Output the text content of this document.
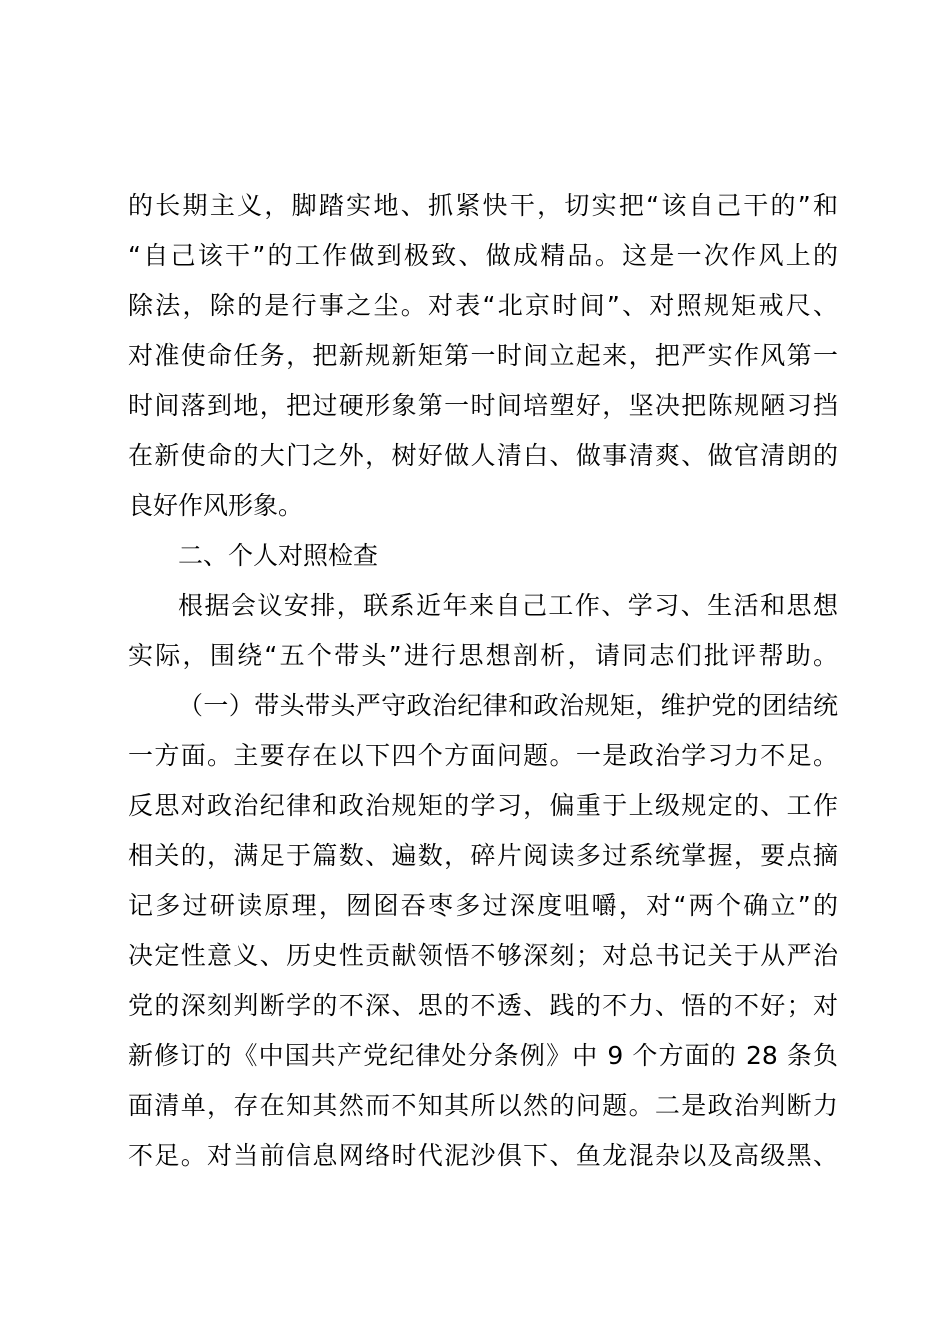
的长期主义，脚踏实地、抓紧快干，切实把“该自己干的”和
“自己该干”的工作做到极致、做成精品。这是一次作风上的
除法，除的是行事之尘。对表“北京时间”、对照规矩戒尺、
对准使命任务，把新规新矩第一时间立起来，把严实作风第一
时间落到地，把过硬形象第一时间培塑好，坚决把陈规陋习挡
在新使命的大门之外，树好做人清白、做事清爽、做官清朗的
良好作风形象。
二、个人对照检查
根据会议安排，联系近年来自己工作、学习、生活和思想
实际，围绕“五个带头”进行思想剖析，请同志们批评帮助。
（一）带头带头严守政治纪律和政治规矩，维护党的团结统
一方面。主要存在以下四个方面问题。一是政治学习力不足。
反思对政治纪律和政治规矩的学习，偏重于上级规定的、工作
相关的，满足于篇数、遍数，碎片阅读多过系统掌握，要点摘
记多过研读原理，囫囵吞枣多过深度咀嚼，对“两个确立”的
决定性意义、历史性贡献领悟不够深刻；对总书记关于从严治
党的深刻判断学的不深、思的不透、践的不力、悟的不好；对
新修订的《中国共产党纪律处分条例》中 9 个方面的 28 条负
面清单，存在知其然而不知其所以然的问题。二是政治判断力
不足。对当前信息网络时代泥沙俱下、鱼龙混杂以及高级黑、
